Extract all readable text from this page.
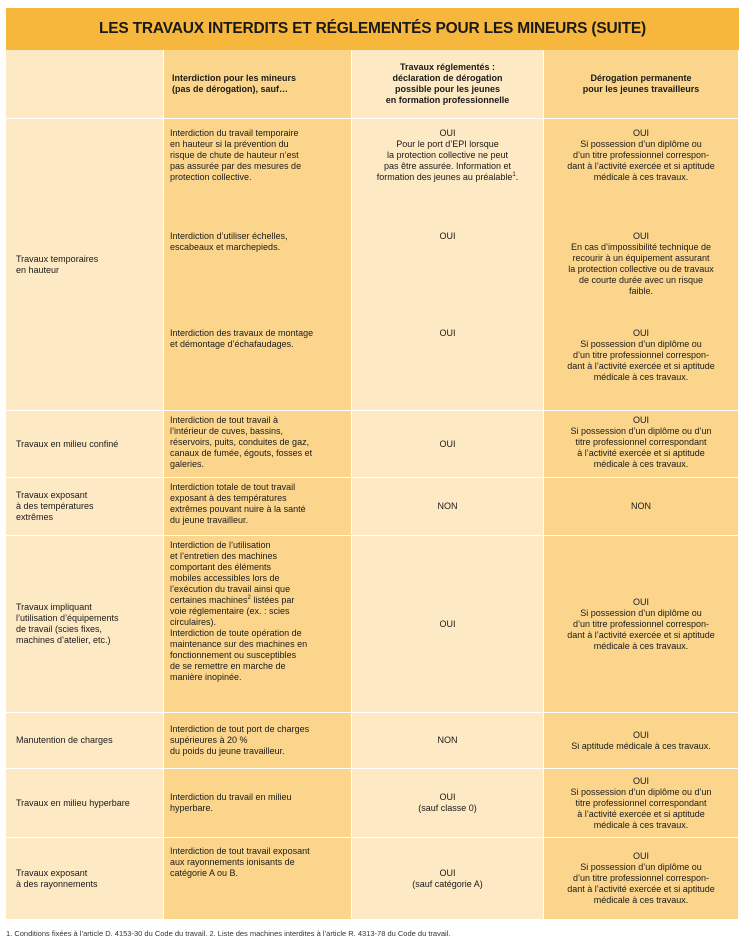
LES TRAVAUX INTERDITS ET RÉGLEMENTÉS POUR LES MINEURS (SUITE)
Interdiction pour les mineurs
(pas de dérogation), sauf…
Travaux réglementés :
déclaration de dérogation
possible pour les jeunes
en formation professionnelle
Dérogation permanente
pour les jeunes travailleurs
Travaux temporaires
en hauteur
Interdiction du travail temporaire
en hauteur si la prévention du
risque de chute de hauteur n’est
pas assurée par des mesures de
protection collective.
Interdiction d’utiliser échelles,
escabeaux et marchepieds.
Interdiction des travaux de montage
et démontage d’échafaudages.
OUI
Pour le port d’EPI lorsque
la protection collective ne peut
pas être assurée. Information et
formation des jeunes au préalable$^1$.
OUI
OUI
OUI
Si possession d’un diplôme ou
d’un titre professionnel correspon-
dant à l’activité exercée et si aptitude
médicale à ces travaux.
OUI
En cas d’impossibilité technique de
recourir à un équipement assurant
la protection collective ou de travaux
de courte durée avec un risque
faible.
OUI
Si possession d’un diplôme ou
d’un titre professionnel correspon-
dant à l’activité exercée et si aptitude
médicale à ces travaux.
Travaux en milieu confiné
Interdiction de tout travail à
l’intérieur de cuves, bassins,
réservoirs, puits, conduites de gaz,
canaux de fumée, égouts, fosses et
galeries.
OUI
OUI
Si possession d’un diplôme ou d’un
titre professionnel correspondant
à l’activité exercée et si aptitude
médicale à ces travaux.
Travaux exposant
à des températures
extrêmes
Interdiction totale de tout travail
exposant à des températures
extrêmes pouvant nuire à la santé
du jeune travailleur.
NON	NON
Travaux impliquant
l’utilisation d’équipements
de travail (scies fixes,
machines d’atelier, etc.)
Interdiction de l’utilisation
et l’entretien des machines
comportant des éléments
mobiles accessibles lors de
l’exécution du travail ainsi que
certaines machines$^2$ listées par
voie réglementaire (ex. : scies
circulaires).
Interdiction de toute opération de
maintenance sur des machines en
fonctionnement ou susceptibles
de se remettre en marche de
manière inopinée.
OUI
OUI
Si possession d’un diplôme ou
d’un titre professionnel correspon-
dant à l’activité exercée et si aptitude
médicale à ces travaux.
Manutention de charges
Interdiction de tout port de charges
supérieures à 20 %
du poids du jeune travailleur.
NON
OUI
Si aptitude médicale à ces travaux.
Travaux en milieu hyperbare
Interdiction du travail en milieu
hyperbare.
OUI
(sauf classe 0)
OUI
Si possession d’un diplôme ou d’un
titre professionnel correspondant
à l’activité exercée et si aptitude
médicale à ces travaux.
Travaux exposant
à des rayonnements
Interdiction de tout travail exposant
aux rayonnements ionisants de
catégorie A ou B.	OUI
(sauf catégorie A)
OUI
Si possession d’un diplôme ou
d’un titre professionnel correspon-
dant à l’activité exercée et si aptitude
médicale à ces travaux.
1. Conditions fixées à l’article D. 4153-30 du Code du travail. 2. Liste des machines interdites à l’article R. 4313-78 du Code du travail.
